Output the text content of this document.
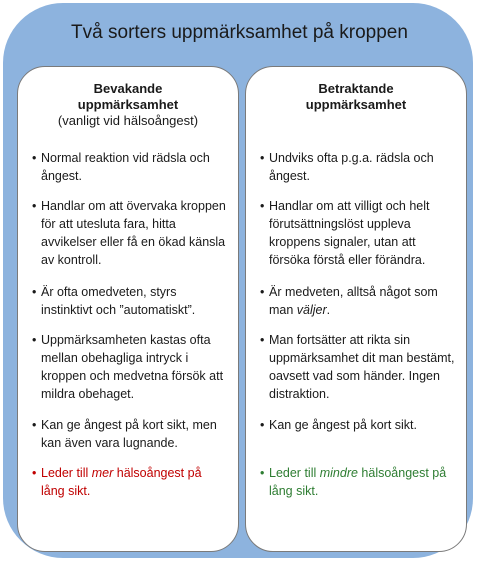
Två sorters uppmärksamhet på kroppen
Bevakande
uppmärksamhet
(vanligt vid hälsoångest)
• Normal reaktion vid rädsla och ångest.
• Handlar om att övervaka kroppen för att utesluta fara, hitta avvikelser eller få en ökad känsla av kontroll.
• Är ofta omedveten, styrs instinktivt och ”automatiskt”.
• Uppmärksamheten kastas ofta mellan obehagliga intryck i kroppen och medvetna försök att mildra obehaget.
• Kan ge ångest på kort sikt, men kan även vara lugnande.
• Leder till mer hälsoångest på lång sikt.
Betraktande
uppmärksamhet
• Undviks ofta p.g.a. rädsla och ångest.
• Handlar om att villigt och helt förutsättningslöst uppleva kroppens signaler, utan att försöka förstå eller förändra.
• Är medveten, alltså något som man väljer.
• Man fortsätter att rikta sin uppmärksamhet dit man bestämt, oavsett vad som händer. Ingen distraktion.
• Kan ge ångest på kort sikt.
• Leder till mindre hälsoångest på lång sikt.
